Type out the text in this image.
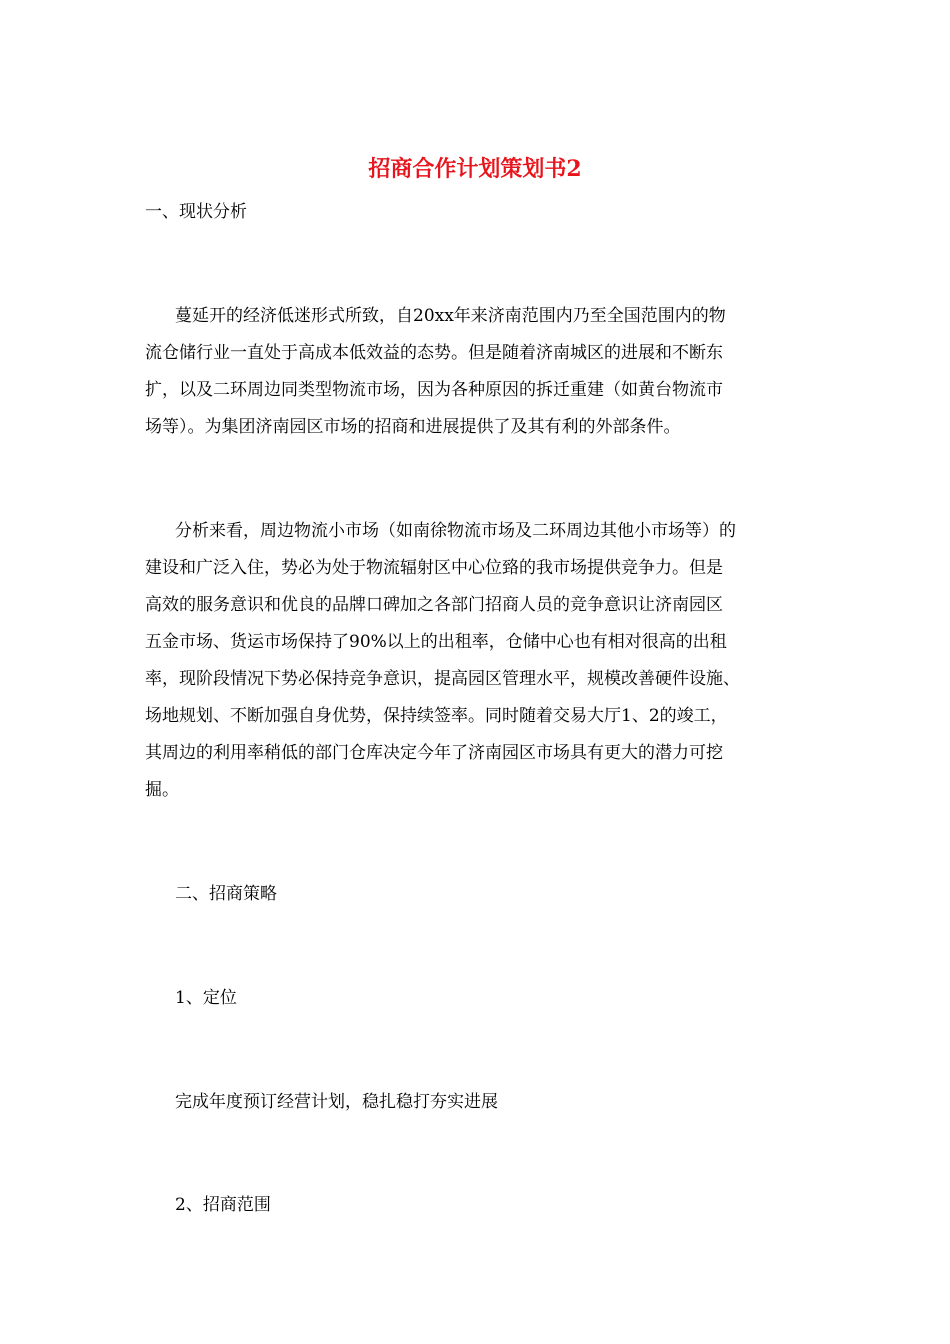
招商合作计划策划书2
一、现状分析
蔓延开的经济低迷形式所致，自20xx年来济南范围内乃至全国范围内的物
流仓储行业一直处于高成本低效益的态势。但是随着济南城区的进展和不断东
扩，以及二环周边同类型物流市场，因为各种原因的拆迁重建（如黄台物流市
场等）。为集团济南园区市场的招商和进展提供了及其有利的外部条件。
分析来看，周边物流小市场（如南徐物流市场及二环周边其他小市场等）的
建设和广泛入住，势必为处于物流辐射区中心位臵的我市场提供竞争力。但是
高效的服务意识和优良的品牌口碑加之各部门招商人员的竞争意识让济南园区
五金市场、货运市场保持了90%以上的出租率，仓储中心也有相对很高的出租
率，现阶段情况下势必保持竞争意识，提高园区管理水平，规模改善硬件设施、
场地规划、不断加强自身优势，保持续签率。同时随着交易大厅1、2的竣工，
其周边的利用率稍低的部门仓库决定今年了济南园区市场具有更大的潜力可挖
掘。
二、招商策略
1、定位
完成年度预订经营计划，稳扎稳打夯实进展
2、招商范围
